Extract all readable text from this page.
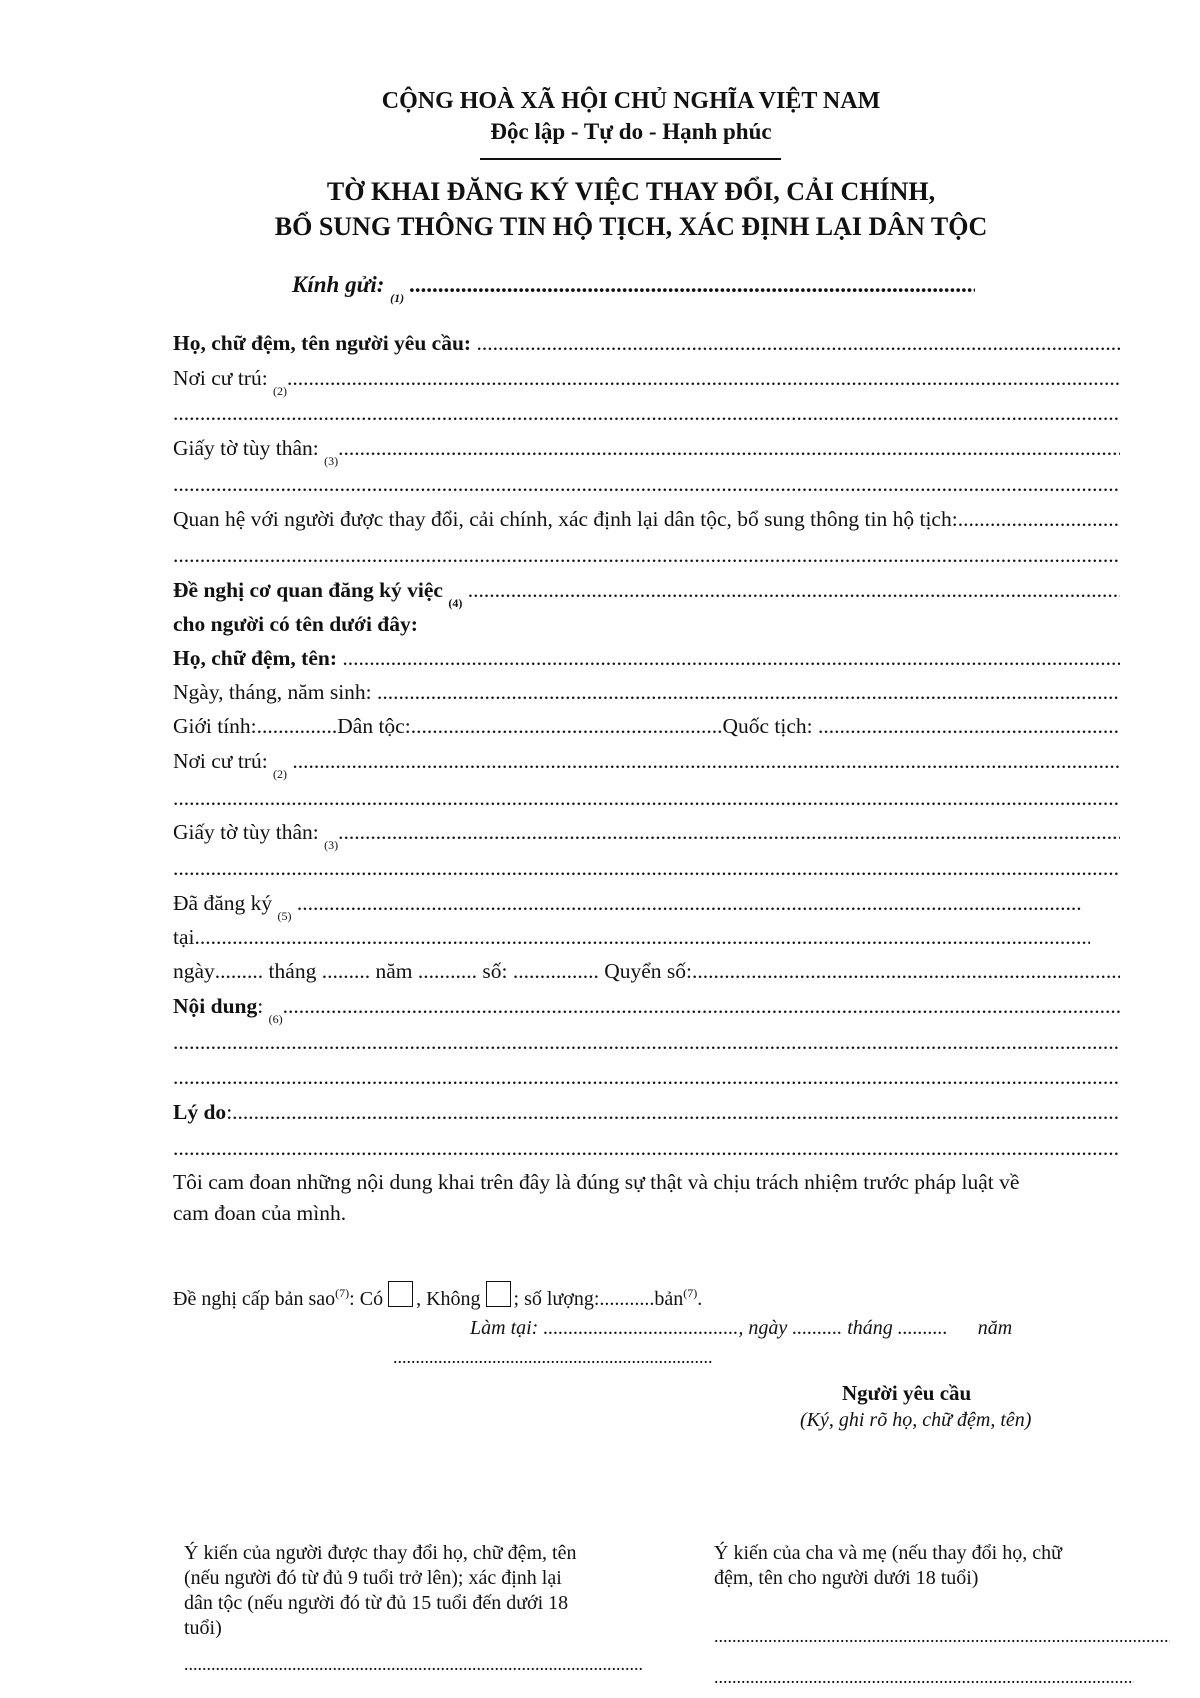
CỘNG HOÀ XÃ HỘI CHỦ NGHĨA VIỆT NAM
Độc lập - Tự do - Hạnh phúc
TỜ KHAI ĐĂNG KÝ VIỆC THAY ĐỔI, CẢI CHÍNH,
BỔ SUNG THÔNG TIN HỘ TỊCH, XÁC ĐỊNH LẠI DÂN TỘC
Kính gửi:

(1)

.....
Họ, chữ đệm, tên người yêu cầu:

.....
Nơi cư trú:

(2)
.....
.....
Giấy tờ tùy thân:

(3)
.....
.....
Quan hệ với người được thay đổi, cải chính, xác định lại dân tộc, bổ sung thông tin hộ tịch:
.....
.....
Đề nghị cơ quan đăng ký việc

(4)

.....
cho người có tên dưới đây:
Họ, chữ đệm, tên:

.....
Ngày, tháng, năm sinh:

.....
Giới tính: ............... Dân tộc: .......................................................... Quốc tịch:

.....
Nơi cư trú:

(2)

.....
.....
Giấy tờ tùy thân:

(3)
.....
.....
Đã đăng ký

(5)

.....
tại
.....
ngày .........
tháng
.........
năm
...........
số:
................
Quyển số:
.....
Nội dung :

(6)
.....
.....
.....
Lý do :
.....
.....
Tôi cam đoan những nội dung khai trên đây là đúng sự thật và chịu trách nhiệm trước pháp luật về
cam đoan của mình.
Đề nghị cấp bản sao$^{(7)}$: Có , Không ; số lượng:...........bản$^{(7)}$.
Làm tại: ......................................., ngày .......... tháng .......... năm
.......................................................................
Người yêu cầu
(Ký, ghi rõ họ, chữ đệm, tên)
Ý kiến của người được thay đổi họ, chữ đệm, tên
(nếu người đó từ đủ 9 tuổi trở lên); xác định lại
dân tộc (nếu người đó từ đủ 15 tuổi đến dưới 18
tuổi)
.....
Ý kiến của cha và mẹ (nếu thay đổi họ, chữ
đệm, tên cho người dưới 18 tuổi)
.....
.....
